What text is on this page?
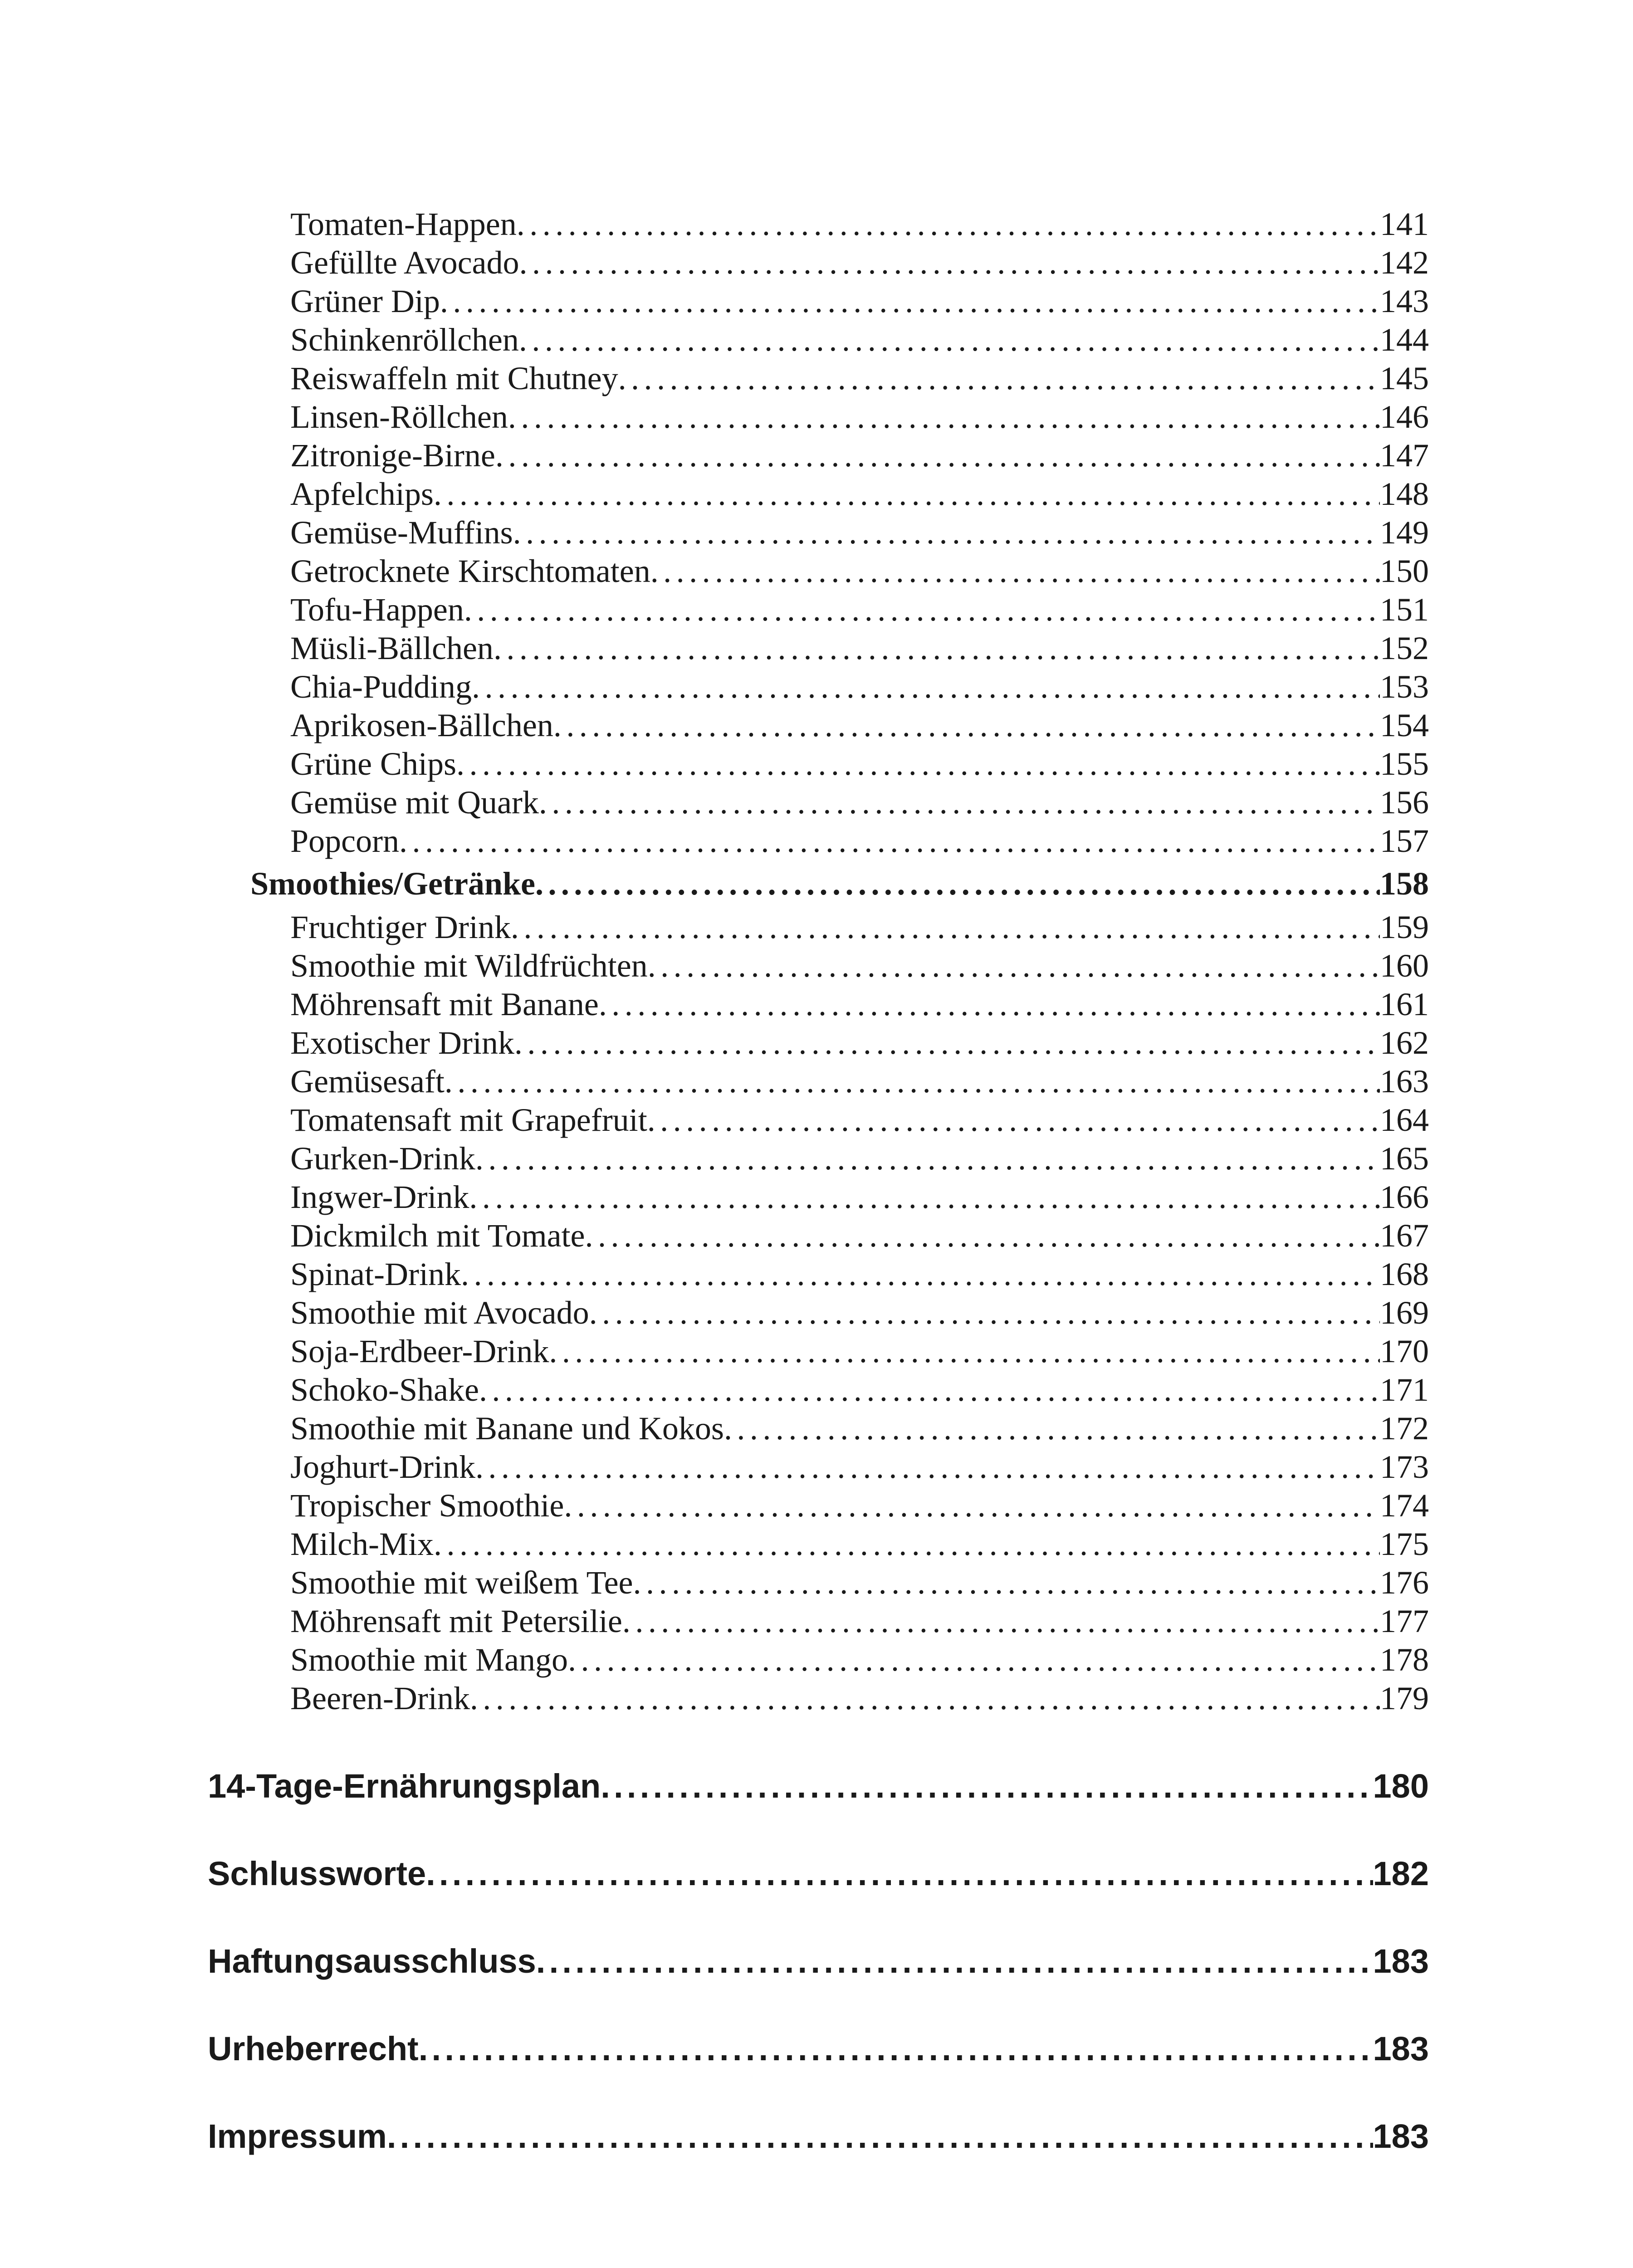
Tomaten-Happen . . .	141
Gefüllte Avocado . . .	142
Grüner Dip . . .	143
Schinkenröllchen . . .	144
Reiswaffeln mit Chutney . . .	145
Linsen-Röllchen . . .	146
Zitronige-Birne . . .	147
Apfelchips . . .	148
Gemüse-Muffins . . .	149
Getrocknete Kirschtomaten . . .	150
Tofu-Happen . . .	151
Müsli-Bällchen . . .	152
Chia-Pudding . . .	153
Aprikosen-Bällchen . . .	154
Grüne Chips . . .	155
Gemüse mit Quark . . .	156
Popcorn . . .	157
Smoothies/Getränke . . .	158
Fruchtiger Drink . . .	159
Smoothie mit Wildfrüchten . . .	160
Möhrensaft mit Banane . . .	161
Exotischer Drink . . .	162
Gemüsesaft . . .	163
Tomatensaft mit Grapefruit . . .	164
Gurken-Drink . . .	165
Ingwer-Drink . . .	166
Dickmilch mit Tomate . . .	167
Spinat-Drink . . .	168
Smoothie mit Avocado . . .	169
Soja-Erdbeer-Drink . . .	170
Schoko-Shake . . .	171
Smoothie mit Banane und Kokos . . .	172
Joghurt-Drink . . .	173
Tropischer Smoothie . . .	174
Milch-Mix . . .	175
Smoothie mit weißem Tee . . .	176
Möhrensaft mit Petersilie . . .	177
Smoothie mit Mango . . .	178
Beeren-Drink . . .	179
14-Tage-Ernährungsplan . . .	180
Schlussworte . . .	182
Haftungsausschluss . . .	183
Urheberrecht . . .	183
Impressum . . .	183
